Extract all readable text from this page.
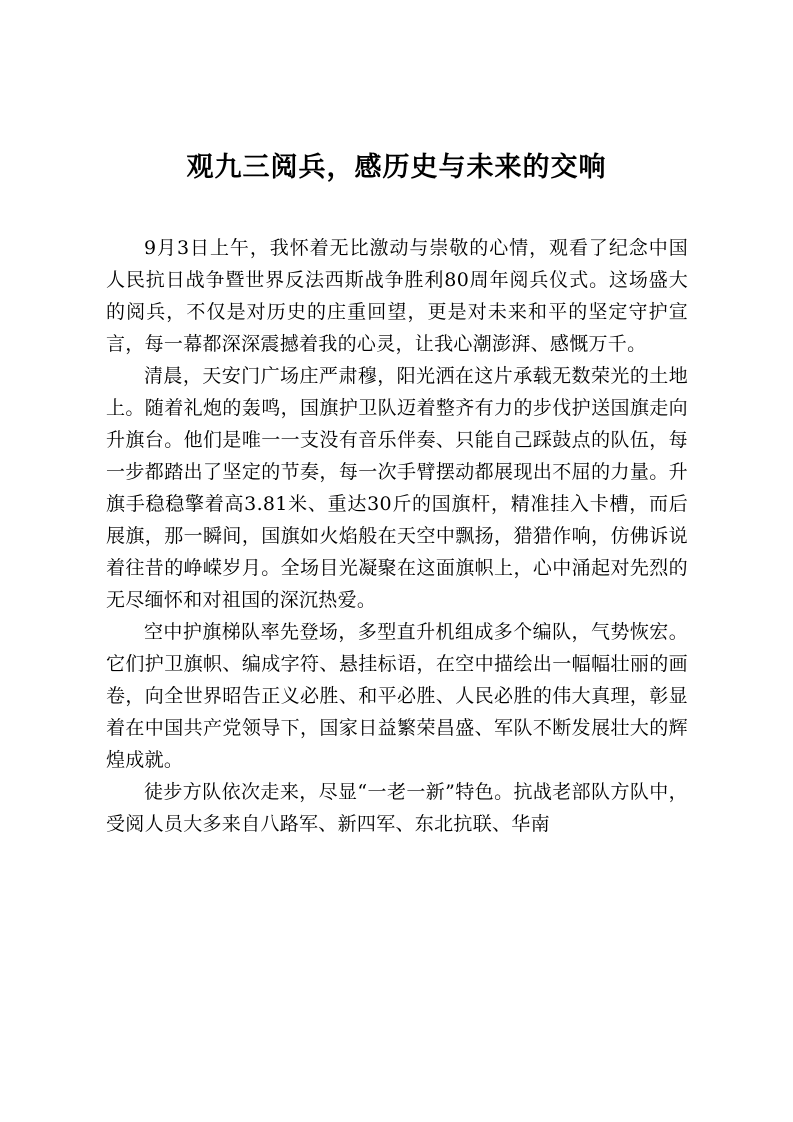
观九三阅兵，感历史与未来的交响

9月3日上午，我怀着无比激动与崇敬的心情，观看了纪念中国人民抗日战争暨世界反法西斯战争胜利80周年阅兵仪式。这场盛大的阅兵，不仅是对历史的庄重回望，更是对未来和平的坚定守护宣言，每一幕都深深震撼着我的心灵，让我心潮澎湃、感慨万千。

清晨，天安门广场庄严肃穆，阳光洒在这片承载无数荣光的土地上。随着礼炮的轰鸣，国旗护卫队迈着整齐有力的步伐护送国旗走向升旗台。他们是唯一一支没有音乐伴奏、只能自己踩鼓点的队伍，每一步都踏出了坚定的节奏，每一次手臂摆动都展现出不屈的力量。升旗手稳稳擎着高3.81米、重达30斤的国旗杆，精准挂入卡槽，而后展旗，那一瞬间，国旗如火焰般在天空中飘扬，猎猎作响，仿佛诉说着往昔的峥嵘岁月。全场目光凝聚在这面旗帜上，心中涌起对先烈的无尽缅怀和对祖国的深沉热爱。

空中护旗梯队率先登场，多型直升机组成多个编队，气势恢宏。它们护卫旗帜、编成字符、悬挂标语，在空中描绘出一幅幅壮丽的画卷，向全世界昭告正义必胜、和平必胜、人民必胜的伟大真理，彰显着在中国共产党领导下，国家日益繁荣昌盛、军队不断发展壮大的辉煌成就。

徒步方队依次走来，尽显“一老一新”特色。抗战老部队方队中，受阅人员大多来自八路军、新四军、东北抗联、华南
